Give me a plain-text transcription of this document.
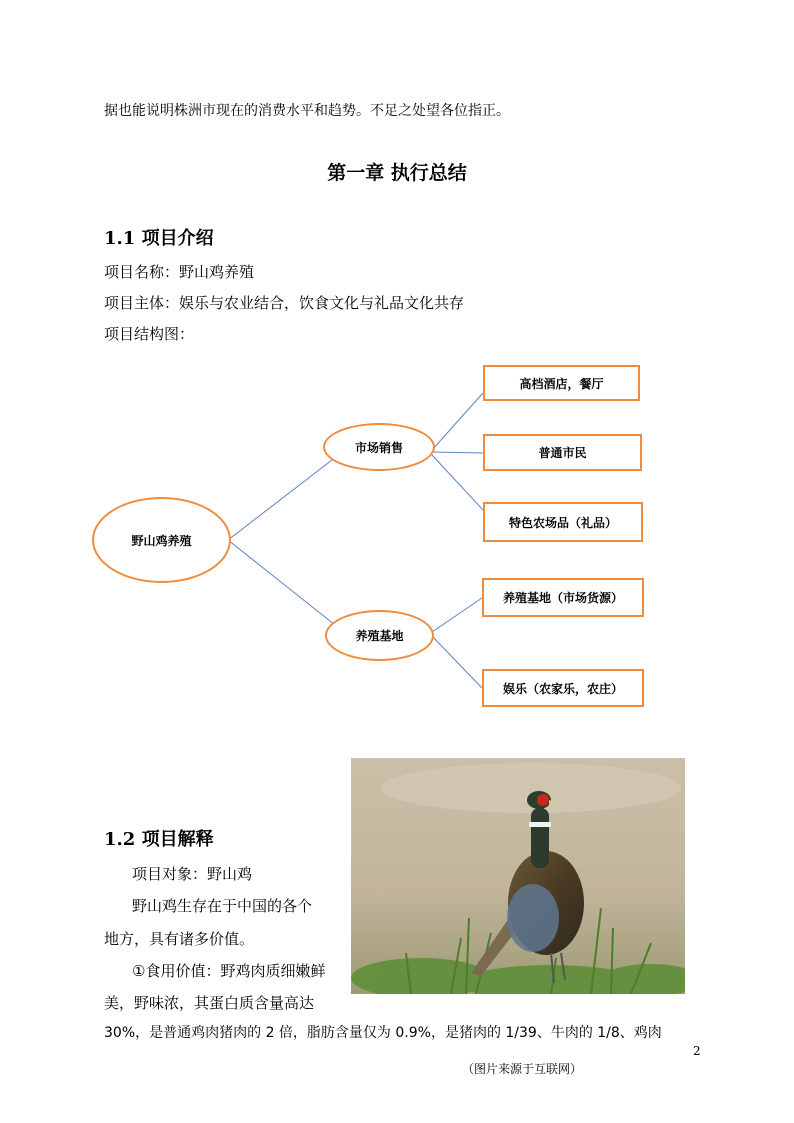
据也能说明株洲市现在的消费水平和趋势。不足之处望各位指正。
第一章 执行总结
1.1 项目介绍
项目名称：野山鸡养殖
项目主体：娱乐与农业结合，饮食文化与礼品文化共存
项目结构图：
野山鸡养殖
市场销售
养殖基地
高档酒店，餐厅
普通市民
特色农场品（礼品）
养殖基地（市场货源）
娱乐（农家乐，农庄）
1.2 项目解释
项目对象：野山鸡
野山鸡生存在于中国的各个
地方，具有诸多价值。
①食用价值：野鸡肉质细嫩鲜
美，野味浓，其蛋白质含量高达
30%，是普通鸡肉猪肉的 2 倍，脂肪含量仅为 0.9%，是猪肉的 1/39、牛肉的 1/8、鸡肉
2
（图片来源于互联网）
